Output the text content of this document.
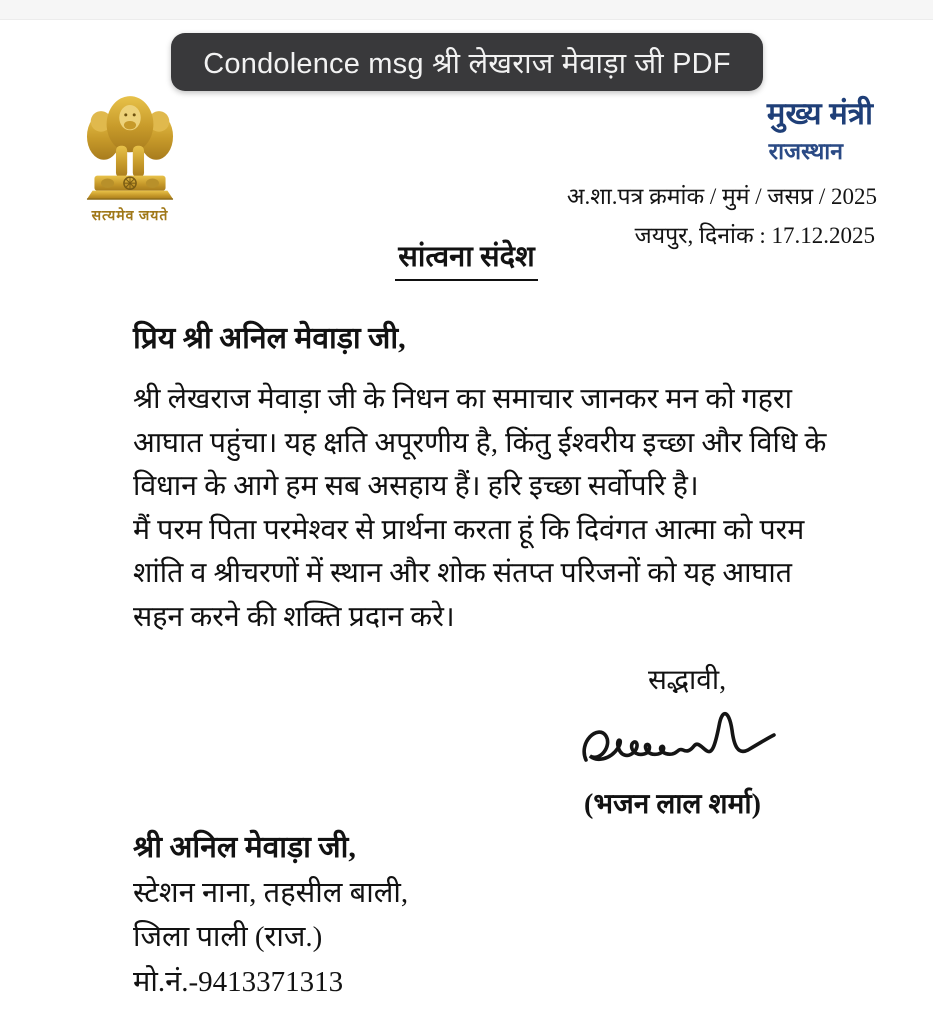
Condolence msg श्री लेखराज मेवाड़ा जी PDF
सत्यमेव जयते
मुख्य मंत्री
राजस्थान
अ.शा.पत्र क्रमांक / मुमं / जसप्र / 2025
जयपुर, दिनांक : 17.12.2025
सांत्वना संदेश
प्रिय श्री अनिल मेवाड़ा जी,
श्री लेखराज मेवाड़ा जी के निधन का समाचार जानकर मन को गहरा
आघात पहुंचा। यह क्षति अपूरणीय है, किंतु ईश्वरीय इच्छा और विधि के
विधान के आगे हम सब असहाय हैं। हरि इच्छा सर्वोपरि है।
मैं परम पिता परमेश्वर से प्रार्थना करता हूं कि दिवंगत आत्मा को परम
शांति व श्रीचरणों में स्थान और शोक संतप्त परिजनों को यह आघात
सहन करने की शक्ति प्रदान करे।
सद्भावी,
(भजन लाल शर्मा)
श्री अनिल मेवाड़ा जी,
स्टेशन नाना, तहसील बाली,
जिला पाली (राज.)
मो.नं.-9413371313
